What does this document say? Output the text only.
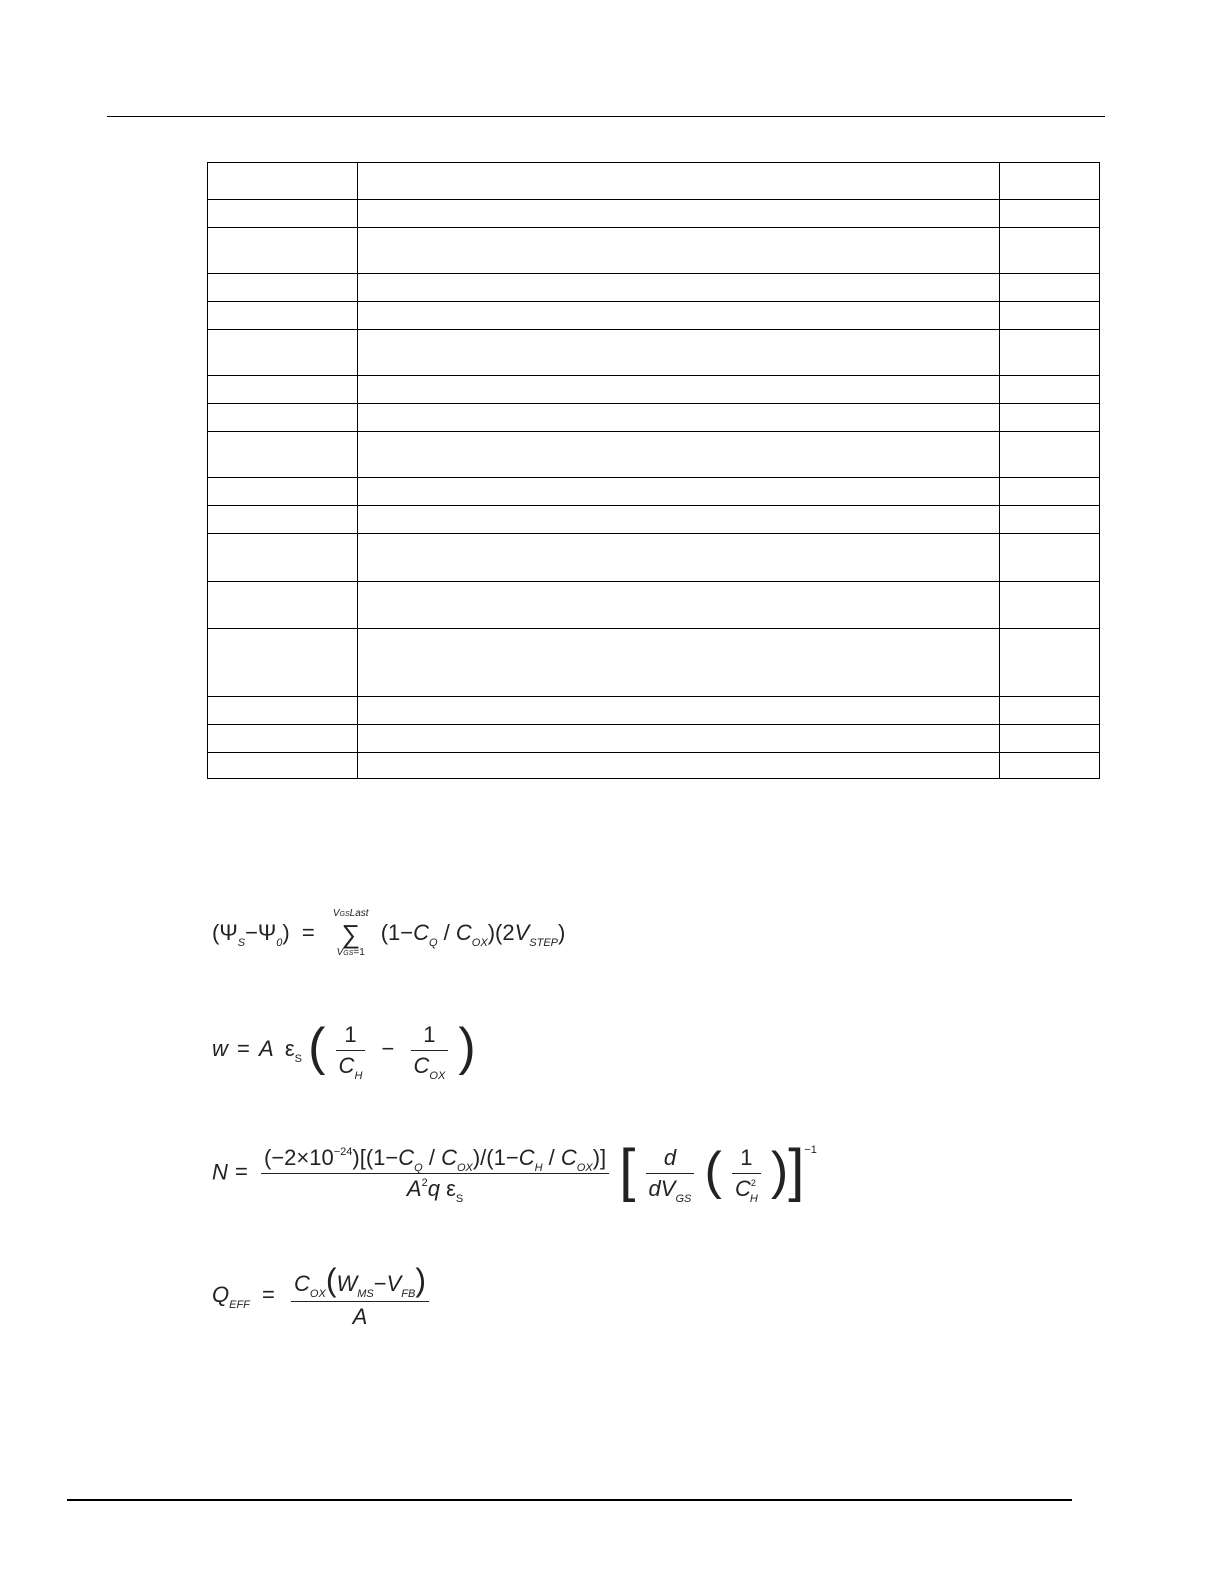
$(\Psi_S-\Psi_0)$ =
VGSLast
∑
VGS=1
$(1-C_Q / C_{OX})(2V_{STEP})$
w = A $\varepsilon_S$ ( $\frac{1}{C_H} - \frac{1}{C_{OX}}$ )
$N = \frac{(-2\times 10^{-24})[(1-C_Q / C_{OX})/(1-C_H / C_{OX})]}{A^2q \varepsilon_S}$ [ $\frac{d}{dV_{GS}}$ ( $\frac{1}{C^2_H} )]^{-1}$
$Q_{EFF} = \frac{C_{OX}(W_{MS}-V_{FB})}{A}$
